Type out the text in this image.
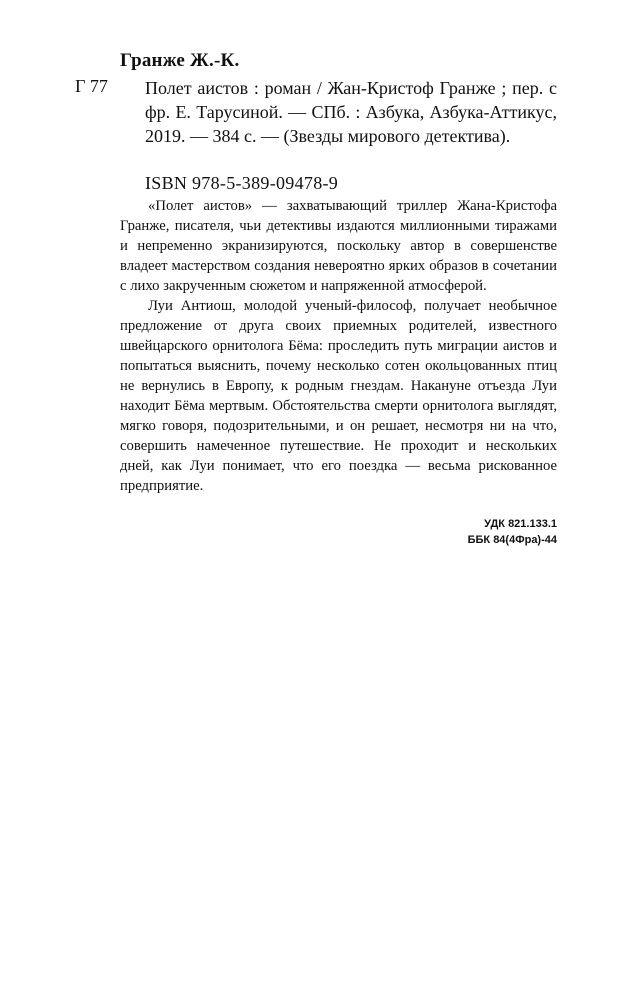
Гранже Ж.-К.
Г 77 Полет аистов : роман / Жан-Кристоф Гранже ; пер. с фр. Е. Тарусиной. — СПб. : Азбука, Азбука-Аттикус, 2019. — 384 с. — (Звезды мирового детектива).

ISBN 978-5-389-09478-9

«Полет аистов» — захватывающий триллер Жана-Кристофа Гранже, писателя, чьи детективы издаются миллионными тиражами и непременно экранизируются, поскольку автор в совершенстве владеет мастерством создания невероятно ярких образов в сочетании с лихо закрученным сюжетом и напряженной атмосферой.

Луи Антиош, молодой ученый-философ, получает необычное предложение от друга своих приемных родителей, известного швейцарского орнитолога Бёма: проследить путь миграции аистов и попытаться выяснить, почему несколько сотен окольцованных птиц не вернулись в Европу, к родным гнездам. Накануне отъезда Луи находит Бёма мертвым. Обстоятельства смерти орнитолога выглядят, мягко говоря, подозрительными, и он решает, несмотря ни на что, совершить намеченное путешествие. Не проходит и нескольких дней, как Луи понимает, что его поездка — весьма рискованное предприятие.

УДК 821.133.1
ББК 84(4Фра)-44
